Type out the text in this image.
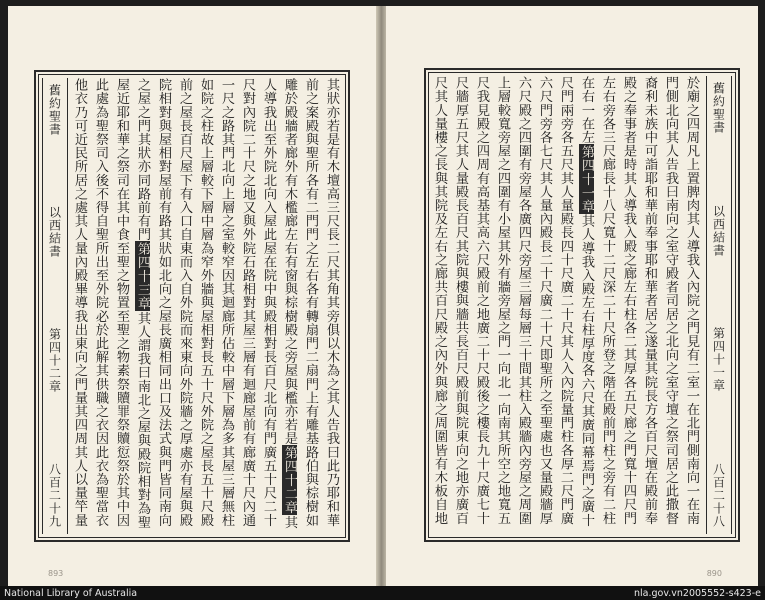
舊約聖書
以西結書
第四十二章
八百二十九	其狀亦若是有木壇高三尺長二尺其角其旁俱以木為之其人告我曰此乃耶和華前之案殿與聖所各有二門門之左右各有轉扇門二扇門上有雕基路伯與棕樹如雕於殿牆者廊外有木檻廊左右有窗與棕樹殿之旁屋與檻亦若是第四十二章其人導我出至外院北向入屋此屋在院中與殿相對長百尺北向有門廣五十尺二十尺對內院二十尺之地又與外院石路相對其屋三層有迴廊屋前有廊廣十尺內通一尺之路其門北向上層之室較窄因其迴廊所佔較中層下層為多其屋三層無柱如院之柱故上層較下層中層為窄外牆與屋相對長五十尺外院之屋長五十尺殿前之屋長百尺屋下有入口自東而入自外院而來東向外院牆之厚處亦有屋與殿院相對與屋相對屋前有路其狀如北向之屋長廣相同出口及法式與門皆同南向之屋之門其狀亦同路前有門第四十三章其人謂我曰南北之屋與殿院相對為聖屋近耶和華之祭司在其中食至聖之物置至聖之物素祭贖罪祭贖愆祭於其中因此處為聖祭司入後不得自聖所出至外院必於此解其供職之衣因此衣為聖當衣他衣乃可近民所居之處其人量內殿畢導我出東向之門量其四周其人以量竿量
893
於廟之四周凡上置脾肉其人導我入內院之門見有二室一在北門側南向一在南門側北向其人告我曰南向之室守殿者司居之北向之室守壇之祭司居之此撒督裔利未族中可詣耶和華前奉事耶和華者居之遂量其院長方各百尺壇在殿前奉殿之奉事者是時其人導我入殿之廊左右柱各二其厚各五尺廊之門寬十四尺門左右旁各三尺廊長十八尺寬十二尺深二十尺所登之階在殿前門柱之旁有二柱在右一在左第四十一章其人導我入殿左右柱厚度各六尺其廣同幕焉門之廣十尺門兩旁各五尺其人量殿長四十尺廣二十尺其人入內院量門柱各厚二尺門廣六尺門旁各七尺其人量內殿長二十尺廣二十尺即聖所之至聖處也又量殿牆厚六尺殿之四圍有旁屋各廣四尺旁屋三層每層三十間其柱入殿牆內旁屋之周圍上層較寬旁屋之四圍有小屋其外有牆旁屋之門一向北一向南其所空之地寬五尺我見殿之四周有高基其高六尺殿前之地廣二十尺殿後之樓長九十尺廣七十尺牆厚五尺其人量殿長百尺其院與樓與牆共長百尺殿前與院東向之地亦廣百尺其人量樓之長與其院及左右之廊共百尺殿之內外與廊之周圍皆有木板自地
舊約聖書
以西結書
第四十一章
八百二十八
890
National Library of Australia	nla.gov.vn2005552-s423-e
